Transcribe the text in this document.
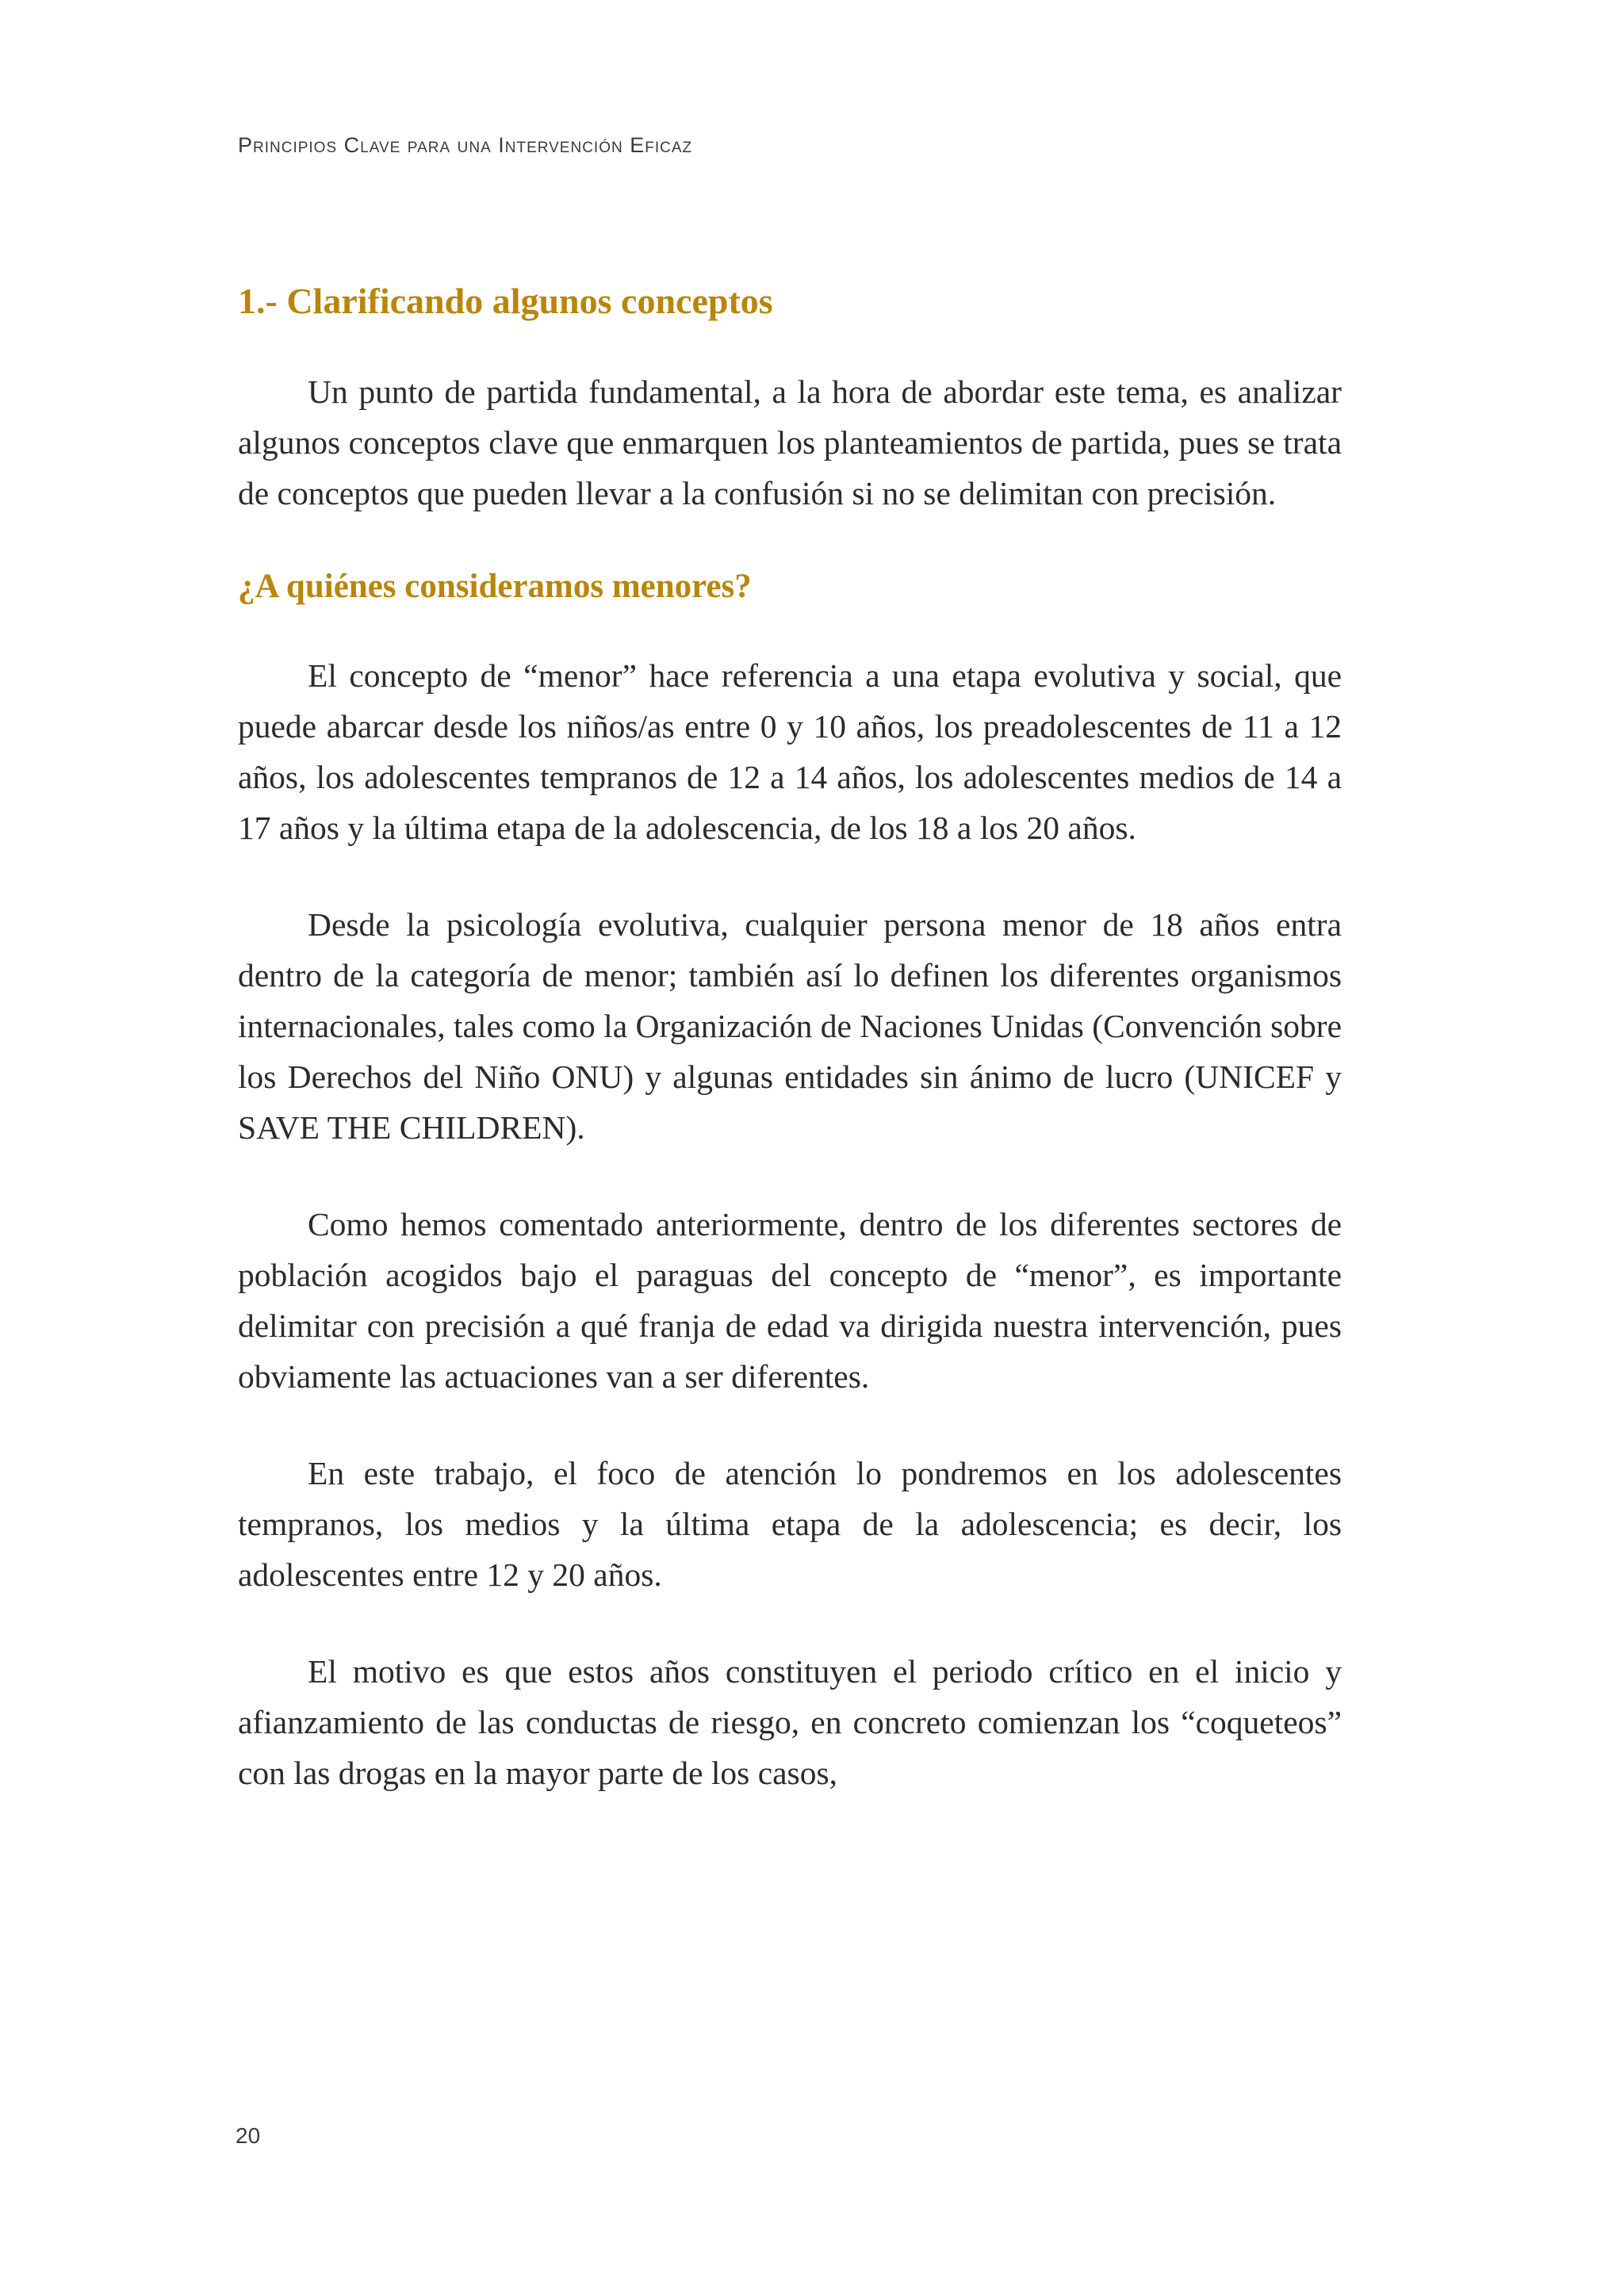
Principios Clave para una Intervención Eficaz
1.- Clarificando algunos conceptos

Un punto de partida fundamental, a la hora de abordar este tema, es analizar algunos conceptos clave que enmarquen los planteamientos de partida, pues se trata de conceptos que pueden llevar a la confusión si no se delimitan con precisión.

¿A quiénes consideramos menores?

El concepto de “menor” hace referencia a una etapa evolutiva y social, que puede abarcar desde los niños/as entre 0 y 10 años, los preadolescentes de 11 a 12 años, los adolescentes tempranos de 12 a 14 años, los adolescentes medios de 14 a 17 años y la última etapa de la adolescencia, de los 18 a los 20 años.

Desde la psicología evolutiva, cualquier persona menor de 18 años entra dentro de la categoría de menor; también así lo definen los diferentes organismos internacionales, tales como la Organización de Naciones Unidas (Convención sobre los Derechos del Niño ONU) y algunas entidades sin ánimo de lucro (UNICEF y SAVE THE CHILDREN).

Como hemos comentado anteriormente, dentro de los diferentes sectores de población acogidos bajo el paraguas del concepto de “menor”, es importante delimitar con precisión a qué franja de edad va dirigida nuestra intervención, pues obviamente las actuaciones van a ser diferentes.

En este trabajo, el foco de atención lo pondremos en los adolescentes tempranos, los medios y la última etapa de la adolescencia; es decir, los adolescentes entre 12 y 20 años.

El motivo es que estos años constituyen el periodo crítico en el inicio y afianzamiento de las conductas de riesgo, en concreto comienzan los “coqueteos” con las drogas en la mayor parte de los casos,

20
